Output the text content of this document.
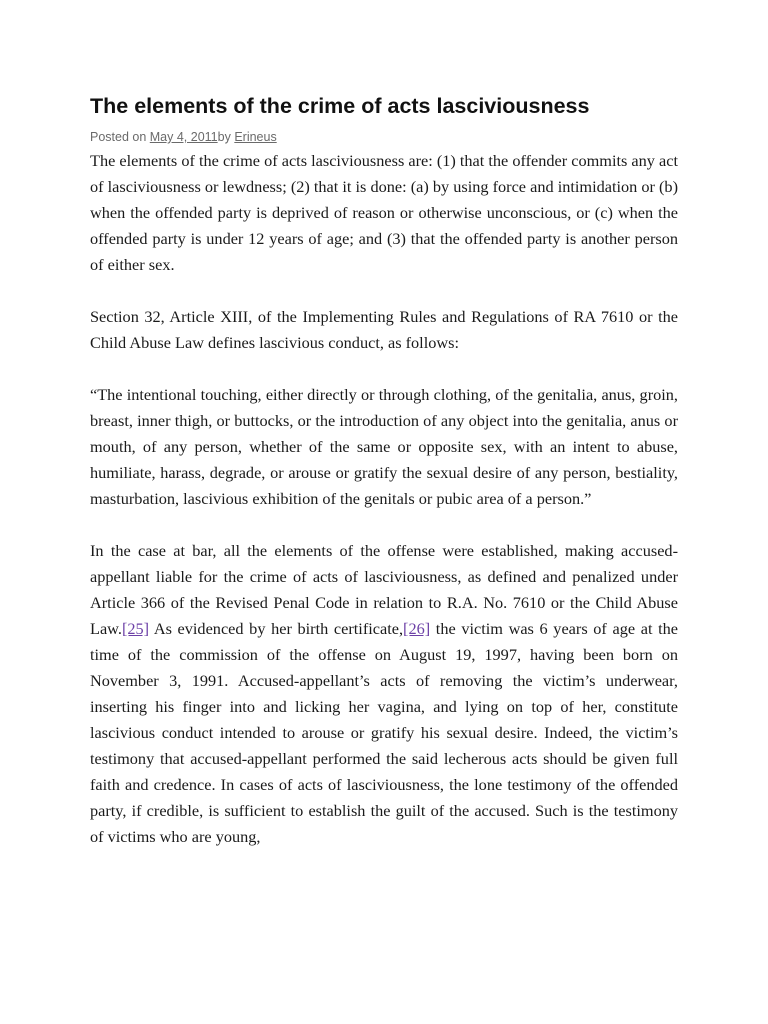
The elements of the crime of acts lasciviousness
Posted on May 4, 2011by Erineus

The elements of the crime of acts lasciviousness are: (1) that the offender commits any act of lasciviousness or lewdness; (2) that it is done: (a) by using force and intimidation or (b) when the offended party is deprived of reason or otherwise unconscious, or (c) when the offended party is under 12 years of age; and (3) that the offended party is another person of either sex.

Section 32, Article XIII, of the Implementing Rules and Regulations of RA 7610 or the Child Abuse Law defines lascivious conduct, as follows:

“The intentional touching, either directly or through clothing, of the genitalia, anus, groin, breast, inner thigh, or buttocks, or the introduction of any object into the genitalia, anus or mouth, of any person, whether of the same or opposite sex, with an intent to abuse, humiliate, harass, degrade, or arouse or gratify the sexual desire of any person, bestiality, masturbation, lascivious exhibition of the genitals or pubic area of a person.”

In the case at bar, all the elements of the offense were established, making accused-appellant liable for the crime of acts of lasciviousness, as defined and penalized under Article 366 of the Revised Penal Code in relation to R.A. No. 7610 or the Child Abuse Law.[25] As evidenced by her birth certificate,[26] the victim was 6 years of age at the time of the commission of the offense on August 19, 1997, having been born on November 3, 1991. Accused-appellant’s acts of removing the victim’s underwear, inserting his finger into and licking her vagina, and lying on top of her, constitute lascivious conduct intended to arouse or gratify his sexual desire. Indeed, the victim’s testimony that accused-appellant performed the said lecherous acts should be given full faith and credence. In cases of acts of lasciviousness, the lone testimony of the offended party, if credible, is sufficient to establish the guilt of the accused. Such is the testimony of victims who are young,
